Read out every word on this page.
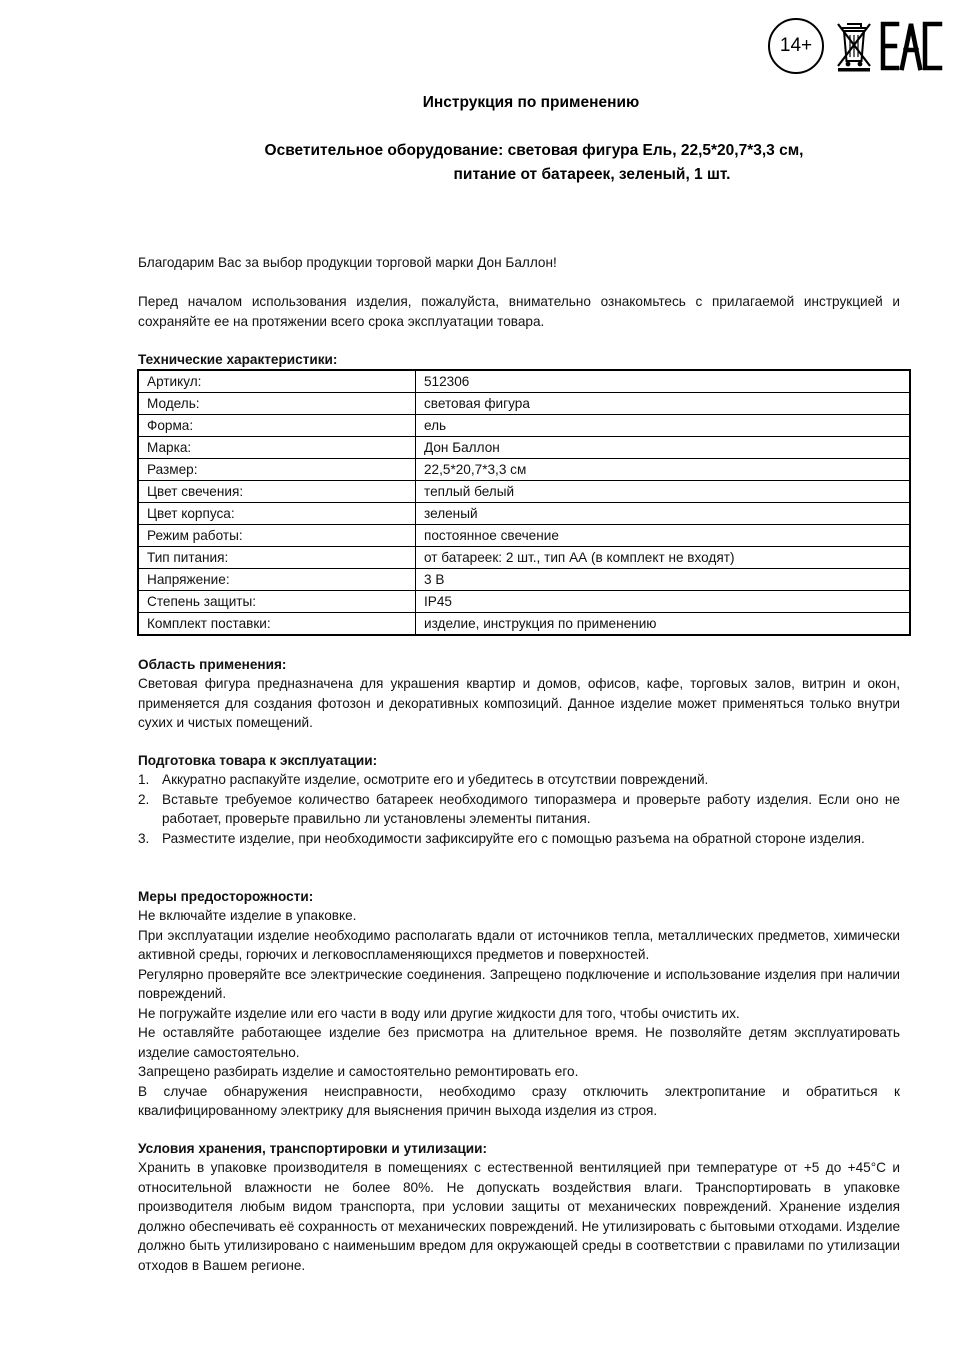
14+
Инструкция по применению
Осветительное оборудование: световая фигура Ель, 22,5*20,7*3,3 см,
питание от батареек, зеленый, 1 шт.
Благодарим Вас за выбор продукции торговой марки Дон Баллон!
Перед началом использования изделия, пожалуйста, внимательно ознакомьтесь с прилагаемой инструкцией и сохраняйте ее на протяжении всего срока эксплуатации товара.
Технические характеристики:
Артикул:	512306
Модель:	световая фигура
Форма:	ель
Марка:	Дон Баллон
Размер:	22,5*20,7*3,3 см
Цвет свечения:	теплый белый
Цвет корпуса:	зеленый
Режим работы:	постоянное свечение
Тип питания:	от батареек: 2 шт., тип АА (в комплект не входят)
Напряжение:	3 В
Степень защиты:	IP45
Комплект поставки:	изделие, инструкция по применению
Область применения:
Световая фигура предназначена для украшения квартир и домов, офисов, кафе, торговых залов, витрин и окон, применяется для создания фотозон и декоративных композиций. Данное изделие может применяться только внутри сухих и чистых помещений.
Подготовка товара к эксплуатации:
1. Аккуратно распакуйте изделие, осмотрите его и убедитесь в отсутствии повреждений.
2. Вставьте требуемое количество батареек необходимого типоразмера и проверьте работу изделия. Если оно не работает, проверьте правильно ли установлены элементы питания.
3. Разместите изделие, при необходимости зафиксируйте его с помощью разъема на обратной стороне изделия.
Меры предосторожности:
Не включайте изделие в упаковке.
При эксплуатации изделие необходимо располагать вдали от источников тепла, металлических предметов, химически активной среды, горючих и легковоспламеняющихся предметов и поверхностей.
Регулярно проверяйте все электрические соединения. Запрещено подключение и использование изделия при наличии повреждений.
Не погружайте изделие или его части в воду или другие жидкости для того, чтобы очистить их.
Не оставляйте работающее изделие без присмотра на длительное время. Не позволяйте детям эксплуатировать изделие самостоятельно.
Запрещено разбирать изделие и самостоятельно ремонтировать его.
В случае обнаружения неисправности, необходимо сразу отключить электропитание и обратиться к квалифицированному электрику для выяснения причин выхода изделия из строя.
Условия хранения, транспортировки и утилизации:
Хранить в упаковке производителя в помещениях с естественной вентиляцией при температуре от +5 до +45°С и относительной влажности не более 80%. Не допускать воздействия влаги. Транспортировать в упаковке производителя любым видом транспорта, при условии защиты от механических повреждений. Хранение изделия должно обеспечивать её сохранность от механических повреждений. Не утилизировать с бытовыми отходами. Изделие должно быть утилизировано с наименьшим вредом для окружающей среды в соответствии с правилами по утилизации отходов в Вашем регионе.
